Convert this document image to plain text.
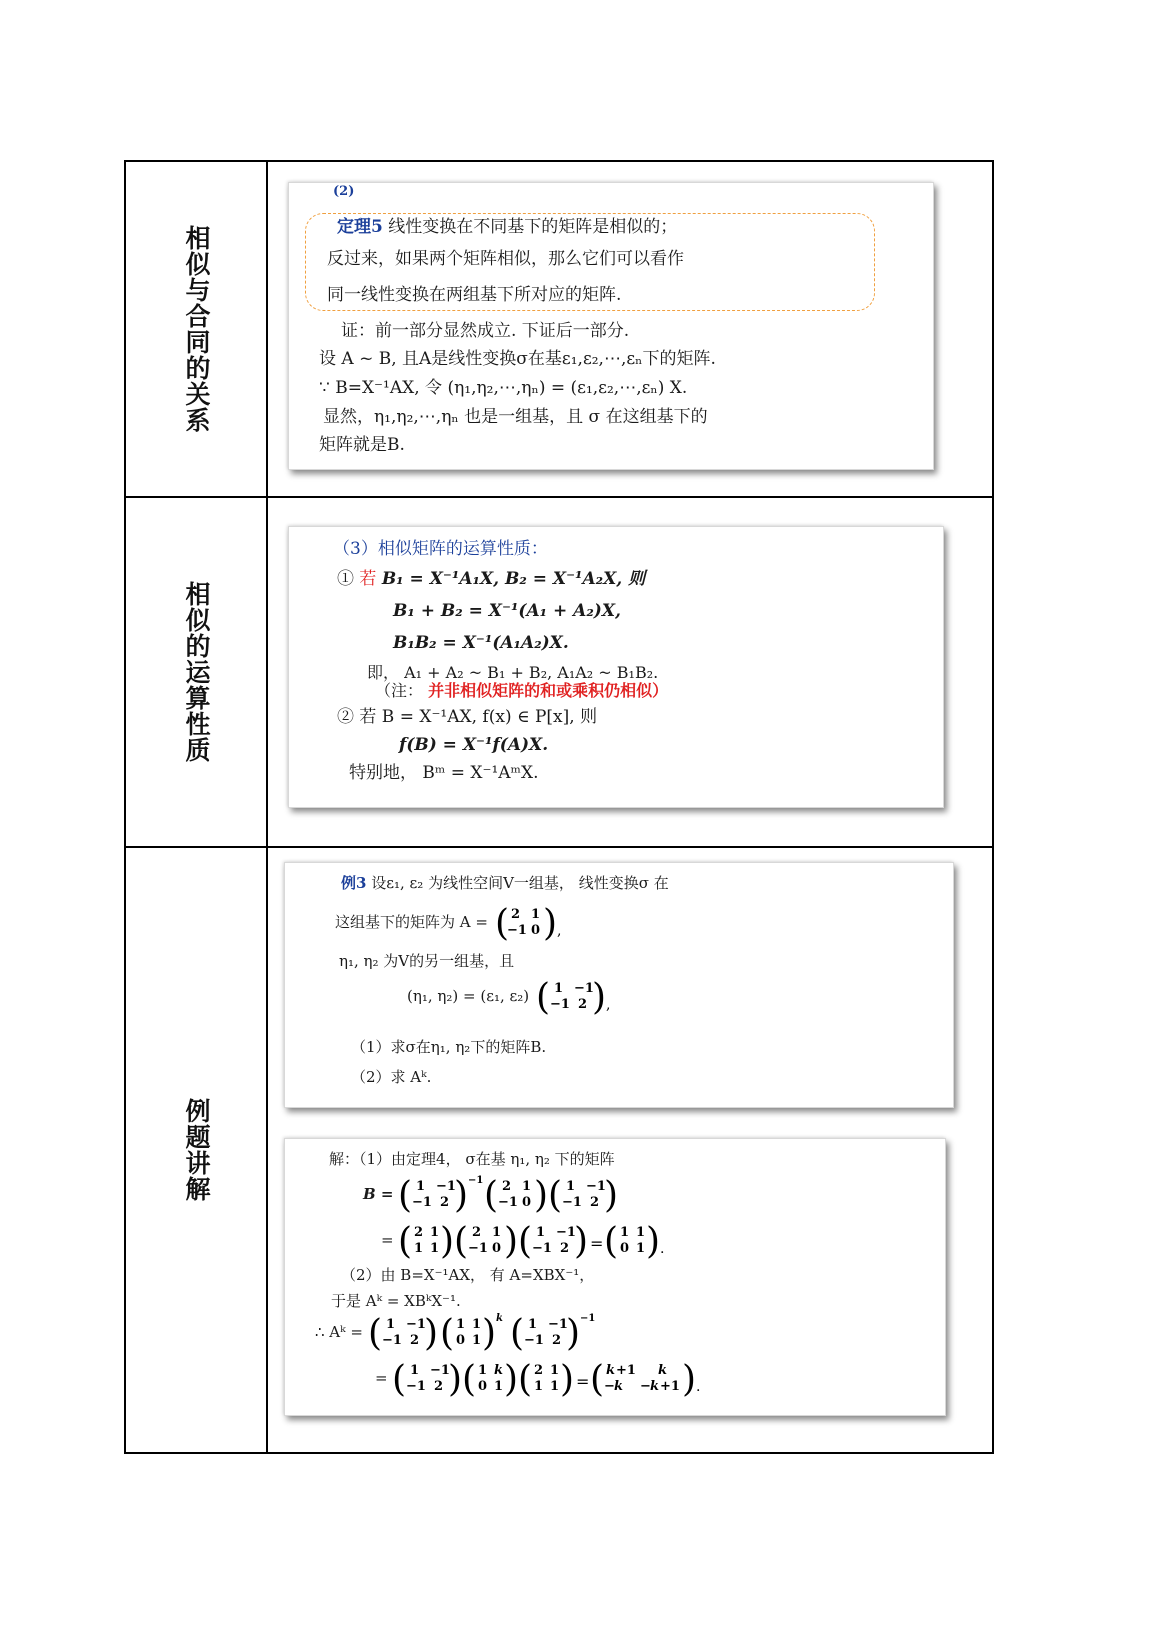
相似与合同的关系
(2)
定理5 线性变换在不同基下的矩阵是相似的；
反过来，如果两个矩阵相似，那么它们可以看作
同一线性变换在两组基下所对应的矩阵.
证：前一部分显然成立. 下证后一部分.
设 A ~ B, 且A是线性变换σ在基ε₁,ε₂,⋯,εₙ下的矩阵.
∵ B=X⁻¹AX, 令 (η₁,η₂,⋯,ηₙ) = (ε₁,ε₂,⋯,εₙ) X.
显然，η₁,η₂,⋯,ηₙ 也是一组基，且 σ 在这组基下的
矩阵就是B.
相似的运算性质
（3）相似矩阵的运算性质：
① 若 B₁ = X⁻¹A₁X, B₂ = X⁻¹A₂X, 则
B₁ + B₂ = X⁻¹(A₁ + A₂)X,
B₁B₂ = X⁻¹(A₁A₂)X.
即， A₁ + A₂ ~ B₁ + B₂, A₁A₂ ~ B₁B₂.
（注： 并非相似矩阵的和或乘积仍相似）
② 若 B = X⁻¹AX, f(x) ∈ P[x], 则
f(B) = X⁻¹f(A)X.
特别地， Bᵐ = X⁻¹AᵐX.
例题讲解
例3 设ε₁, ε₂ 为线性空间V一组基， 线性变换σ 在
这组基下的矩阵为 A = ( 2 1
−1 0 ) ,
η₁, η₂ 为V的另一组基，且
(η₁, η₂) = (ε₁, ε₂) ( 1 −1
−1 2 ) ,
（1）求σ在η₁, η₂下的矩阵B.
（2）求 Aᵏ.
解：（1）由定理4， σ在基 η₁, η₂ 下的矩阵
B = ( 1 −1
−1 2 ) −1 ( 2 1
−1 0 ) ( 1 −1
−1 2 )
= ( 2 1
1 1 ) ( 2 1
−1 0 ) ( 1 −1
−1 2 ) = ( 1 1
0 1 ) .
（2）由 B=X⁻¹AX， 有 A=XBX⁻¹，
于是 Aᵏ = XBᵏX⁻¹.
∴ Aᵏ = ( 1 −1
−1 2 ) ( 1 1
0 1 ) k ( 1 −1
−1 2 ) −1
= ( 1 −1
−1 2 ) ( 1 k
0 1 ) ( 2 1
1 1 ) = ( k +1 k
− k − k +1 ) .
